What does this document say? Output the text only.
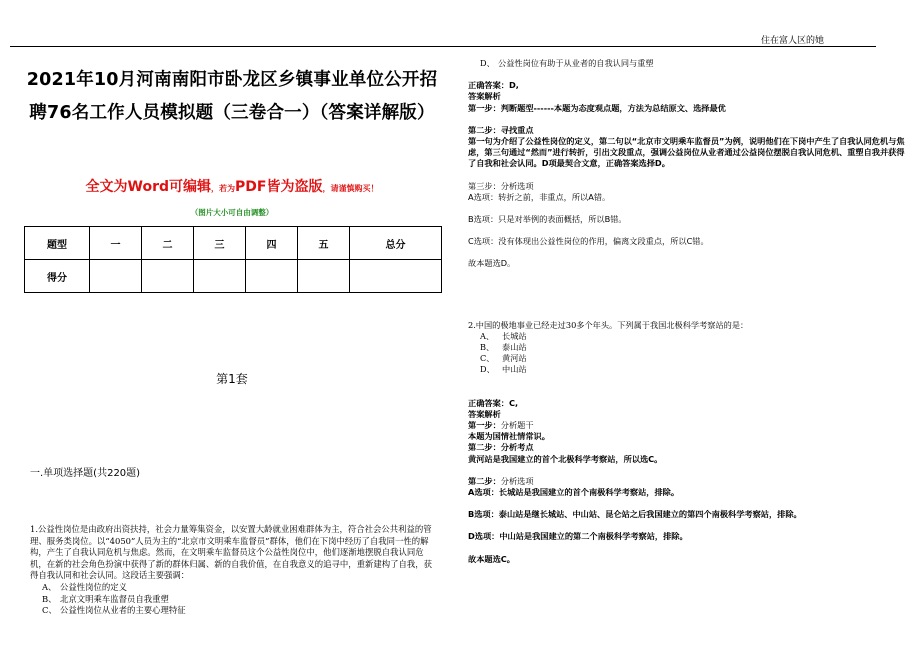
住在富人区的她
2021年10月河南南阳市卧龙区乡镇事业单位公开招聘76名工作人员模拟题（三卷合一）（答案详解版）
全文为Word可编辑，若为PDF皆为盗版，请谨慎购买！
（图片大小可自由调整）
题型	一	二	三	四	五	总分
得分						
第1套
一.单项选择题(共220题)
1.公益性岗位是由政府出资扶持，社会力量筹集资金，以安置大龄就业困难群体为主，符合社会公共利益的管理、服务类岗位。以“4050”人员为主的“北京市文明乘车监督员”群体，他们在下岗中经历了自我同一性的解构，产生了自我认同危机与焦虑。然而，在文明乘车监督员这个公益性岗位中，他们逐渐地摆脱自我认同危机，在新的社会角色扮演中获得了新的群体归属、新的自我价值，在自我意义的追寻中，重新建构了自我，获得自我认同和社会认同。这段话主要强调：
A、 公益性岗位的定义
B、 北京文明乘车监督员自我重塑
C、 公益性岗位从业者的主要心理特征
D、 公益性岗位有助于从业者的自我认同与重塑
正确答案：D,
答案解析
第一步：判断题型------本题为态度观点题，方法为总结原文、选择最优
第二步：寻找重点
第一句为介绍了公益性岗位的定义，第二句以“北京市文明乘车监督员”为例，说明他们在下岗中产生了自我认同危机与焦虑，第三句通过“然而”进行转折，引出文段重点，强调公益岗位从业者通过公益岗位摆脱自我认同危机、重塑自我并获得了自我和社会认同。D项最契合文意，正确答案选择D。
第三步：分析选项
A选项：转折之前，非重点，所以A错。
B选项：只是对举例的表面概括，所以B错。
C选项：没有体现出公益性岗位的作用，偏离文段重点，所以C错。
故本题选D。
2.中国的极地事业已经走过30多个年头。下列属于我国北极科学考察站的是：
A、 长城站
B、 泰山站
C、 黄河站
D、 中山站
正确答案：C,
答案解析
第一步：分析题干
本题为国情社情常识。
第二步：分析考点
黄河站是我国建立的首个北极科学考察站，所以选C。
第二步：分析选项
A选项：长城站是我国建立的首个南极科学考察站，排除。
B选项：泰山站是继长城站、中山站、昆仑站之后我国建立的第四个南极科学考察站，排除。
D选项：中山站是我国建立的第二个南极科学考察站，排除。
故本题选C。
